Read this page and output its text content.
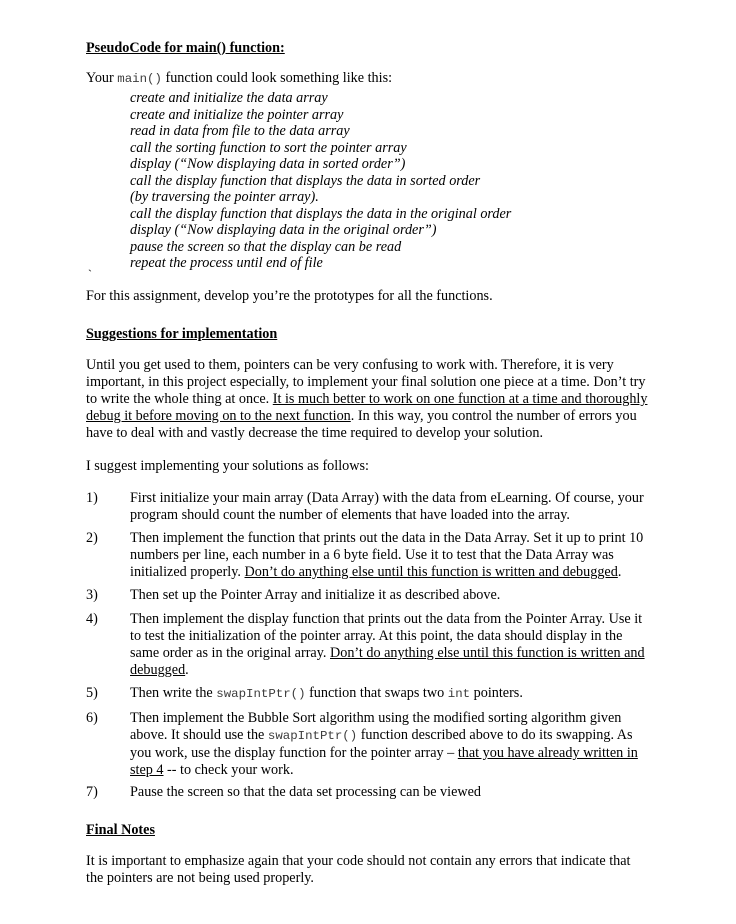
PseudoCode for main() function:
Your main() function could look something like this:
create and initialize the data array
create and initialize the pointer array
read in data from file to the data array
call the sorting function to sort the pointer array
display (“Now displaying data in sorted order”)
call the display function that displays the data in sorted order
(by traversing the pointer array).
call the display function that displays the data in the original order
display (“Now displaying data in the original order”)
pause the screen so that the display can be read
repeat the process until end of file
`
For this assignment, develop you’re the prototypes for all the functions.
Suggestions for implementation
Until you get used to them, pointers can be very confusing to work with. Therefore, it is very important, in this project especially, to implement your final solution one piece at a time. Don’t try to write the whole thing at once. It is much better to work on one function at a time and thoroughly debug it before moving on to the next function. In this way, you control the number of errors you have to deal with and vastly decrease the time required to develop your solution.
I suggest implementing your solutions as follows:
1)	First initialize your main array (Data Array) with the data from eLearning. Of course, your program should count the number of elements that have loaded into the array.
2)	Then implement the function that prints out the data in the Data Array. Set it up to print 10 numbers per line, each number in a 6 byte field. Use it to test that the Data Array was initialized properly. Don’t do anything else until this function is written and debugged.
3)	Then set up the Pointer Array and initialize it as described above.
4)	Then implement the display function that prints out the data from the Pointer Array. Use it to test the initialization of the pointer array. At this point, the data should display in the same order as in the original array. Don’t do anything else until this function is written and debugged.
5)	Then write the swapIntPtr() function that swaps two int pointers.
6)	Then implement the Bubble Sort algorithm using the modified sorting algorithm given above. It should use the swapIntPtr() function described above to do its swapping. As you work, use the display function for the pointer array – that you have already written in step 4 -- to check your work.
7)	Pause the screen so that the data set processing can be viewed
Final Notes
It is important to emphasize again that your code should not contain any errors that indicate that the pointers are not being used properly.
